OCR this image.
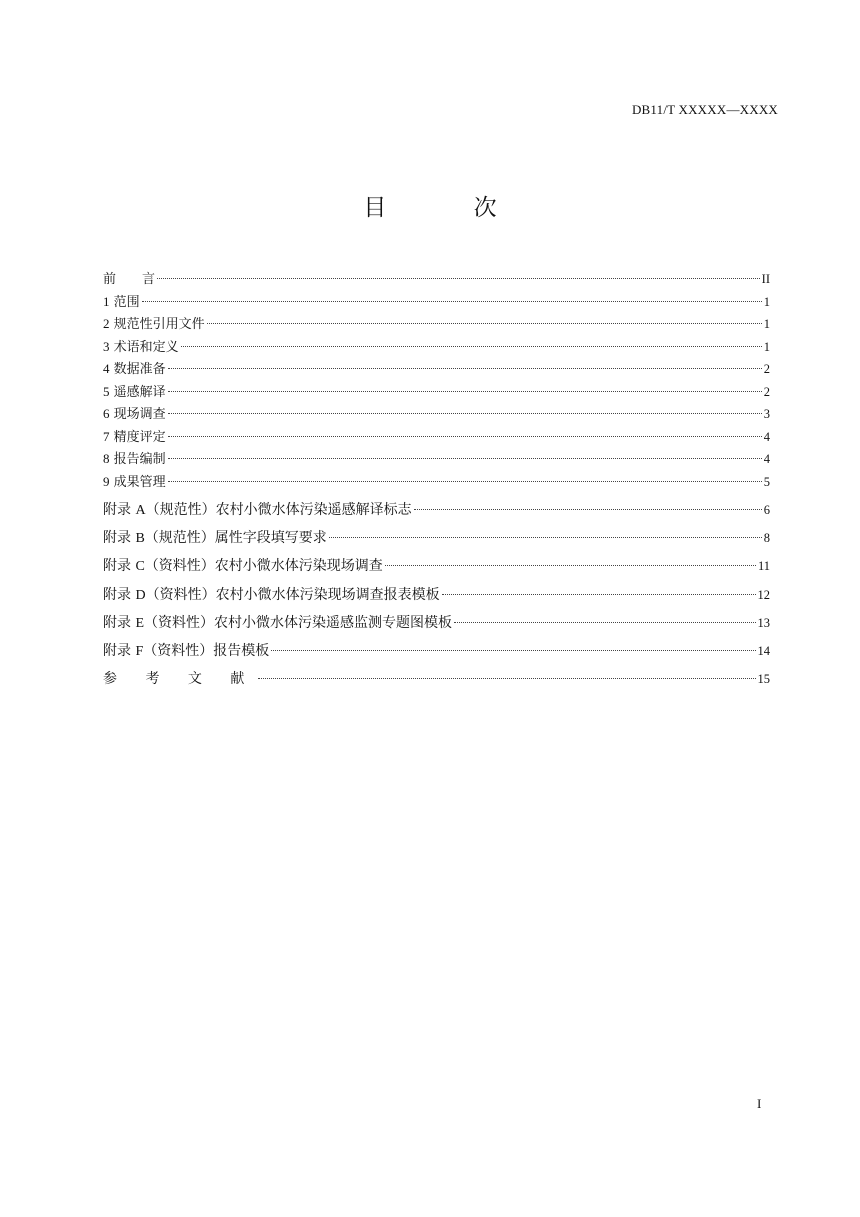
DB11/T XXXXX—XXXX
目 次
前　　言	II
1 范围	1
2 规范性引用文件	1
3 术语和定义	1
4 数据准备	2
5 遥感解译	2
6 现场调查	3
7 精度评定	4
8 报告编制	4
9 成果管理	5
附录 A（规范性）农村小微水体污染遥感解译标志	6
附录 B（规范性）属性字段填写要求	8
附录 C（资料性）农村小微水体污染现场调查	11
附录 D（资料性）农村小微水体污染现场调查报表模板	12
附录 E（资料性）农村小微水体污染遥感监测专题图模板	13
附录 F（资料性）报告模板	14
参 考 文 献	15
I
